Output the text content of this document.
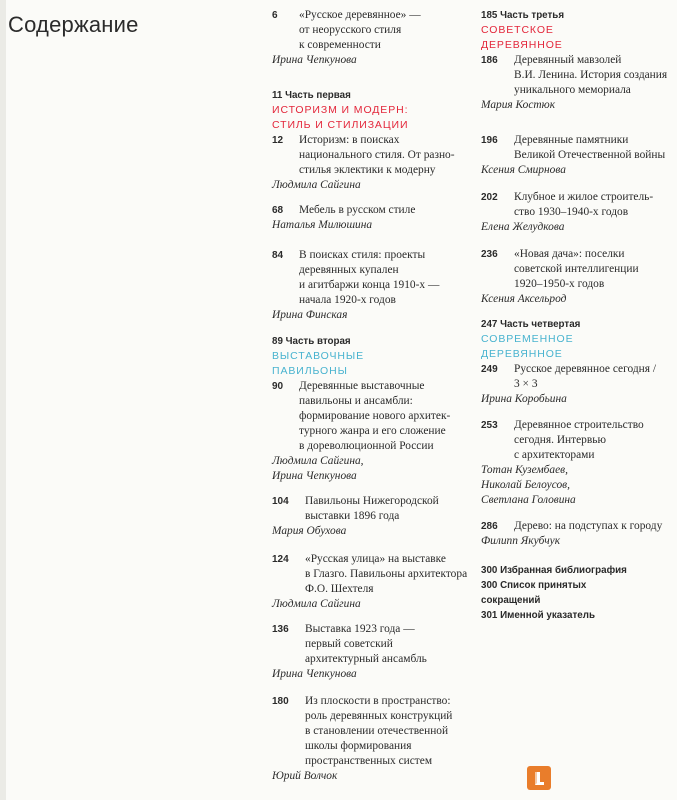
Содержание	6 «Русское деревянное» —
от неорусского стиля
к современности
Ирина Чепкунова
11 Часть первая
ИСТОРИЗМ И МОДЕРН:
СТИЛЬ И СТИЛИЗАЦИИ
12 Историзм: в поисках
национального стиля. От разно-
стилья эклектики к модерну
Людмила Сайгина
68 Мебель в русском стиле
Наталья Милюшина
84 В поисках стиля: проекты
деревянных купален
и агитбаржи конца 1910-х —
начала 1920-х годов
Ирина Финская
89 Часть вторая
ВЫСТАВОЧНЫЕ
ПАВИЛЬОНЫ
90 Деревянные выставочные
павильоны и ансамбли:
формирование нового архитек-
турного жанра и его сложение
в дореволюционной России
Людмила Сайгина,
Ирина Чепкунова
104 Павильоны Нижегородской
выставки 1896 года
Мария Обухова
124 «Русская улица» на выставке
в Глазго. Павильоны архитектора
Ф.О. Шехтеля
Людмила Сайгина
136 Выставка 1923 года —
первый советский
архитектурный ансамбль
Ирина Чепкунова
180 Из плоскости в пространство:
роль деревянных конструкций
в становлении отечественной
школы формирования
пространственных систем
Юрий Волчок
185 Часть третья
СОВЕТСКОЕ
ДЕРЕВЯННОЕ
186 Деревянный мавзолей
В.И. Ленина. История создания
уникального мемориала
Мария Костюк
196 Деревянные памятники
Великой Отечественной войны
Ксения Смирнова
202 Клубное и жилое строитель-
ство 1930–1940-х годов
Елена Желудкова
236 «Новая дача»: поселки
советской интеллигенции
1920–1950-х годов
Ксения Аксельрод
247 Часть четвертая
СОВРЕМЕННОЕ
ДЕРЕВЯННОЕ
249 Русское деревянное сегодня /
3 × 3
Ирина Коробьина
253 Деревянное строительство
сегодня. Интервью
с архитекторами
Тотан Кузембаев,
Николай Белоусов,
Светлана Головина
286 Дерево: на подступах к городу
Филипп Якубчук
300 Избранная библиография
300 Список принятых
сокращений
301 Именной указатель
